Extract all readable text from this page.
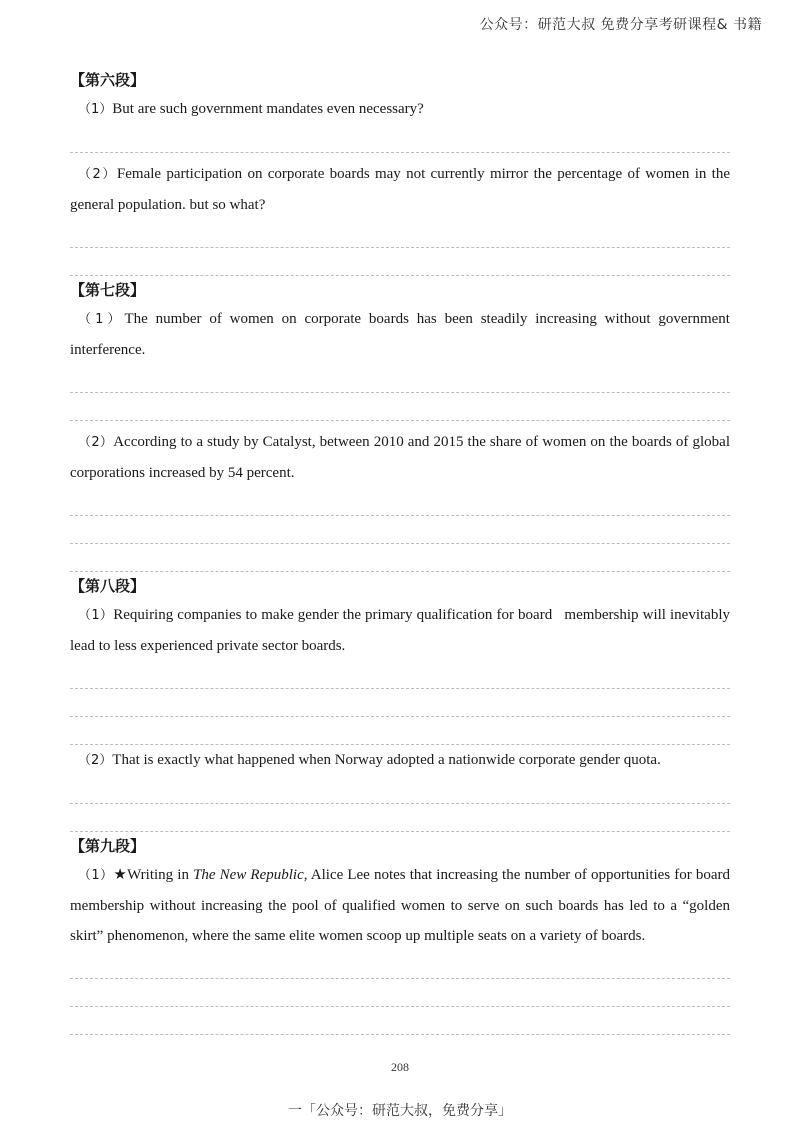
公众号：研范大叔 免费分享考研课程& 书籍

【第六段】

（1）But are such government mandates even necessary?

（2）Female participation on corporate boards may not currently mirror the percentage of women in the general population. but so what?

【第七段】

（1）The number of women on corporate boards has been steadily increasing without government interference.

（2）According to a study by Catalyst, between 2010 and 2015 the share of women on the boards of global corporations increased by 54 percent.

【第八段】

（1）Requiring companies to make gender the primary qualification for board   membership will inevitably lead to less experienced private sector boards.

（2）That is exactly what happened when Norway adopted a nationwide corporate gender quota.

【第九段】

（1）★Writing in The New Republic, Alice Lee notes that increasing the number of opportunities for board membership without increasing the pool of qualified women to serve on such boards has led to a “golden skirt” phenomenon, where the same elite women scoop up multiple seats on a variety of boards.

208
一「公众号：研范大叔，免费分享」
